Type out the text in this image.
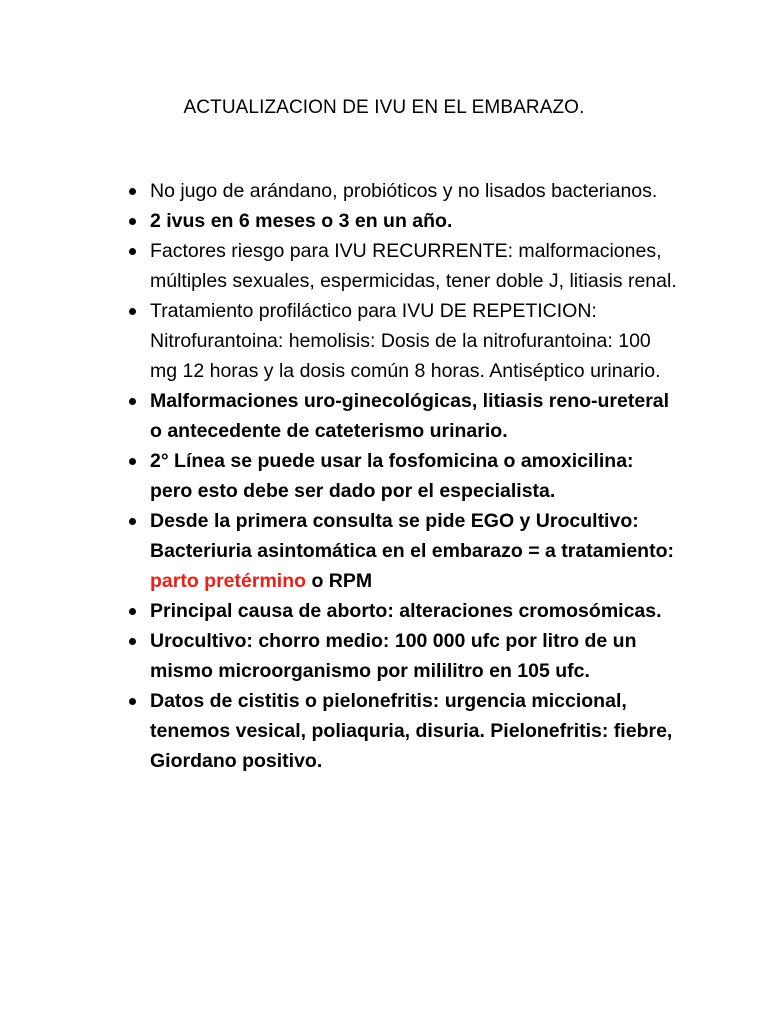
ACTUALIZACION DE IVU EN EL EMBARAZO.
No jugo de arándano, probióticos y no lisados bacterianos.
2 ivus en 6 meses o 3 en un año.
Factores riesgo para IVU RECURRENTE: malformaciones, múltiples sexuales, espermicidas, tener doble J, litiasis renal.
Tratamiento profiláctico para IVU DE REPETICION: Nitrofurantoina: hemolisis: Dosis de la nitrofurantoina: 100 mg 12 horas y la dosis común 8 horas. Antiséptico urinario.
Malformaciones uro-ginecológicas, litiasis reno-ureteral o antecedente de cateterismo urinario.
2° Línea se puede usar la fosfomicina o amoxicilina: pero esto debe ser dado por el especialista.
Desde la primera consulta se pide EGO y Urocultivo: Bacteriuria asintomática en el embarazo = a tratamiento: parto pretérmino o RPM
Principal causa de aborto: alteraciones cromosómicas.
Urocultivo: chorro medio: 100 000 ufc por litro de un mismo microorganismo por mililitro en 105 ufc.
Datos de cistitis o pielonefritis: urgencia miccional, tenemos vesical, poliaquria, disuria. Pielonefritis: fiebre, Giordano positivo.
